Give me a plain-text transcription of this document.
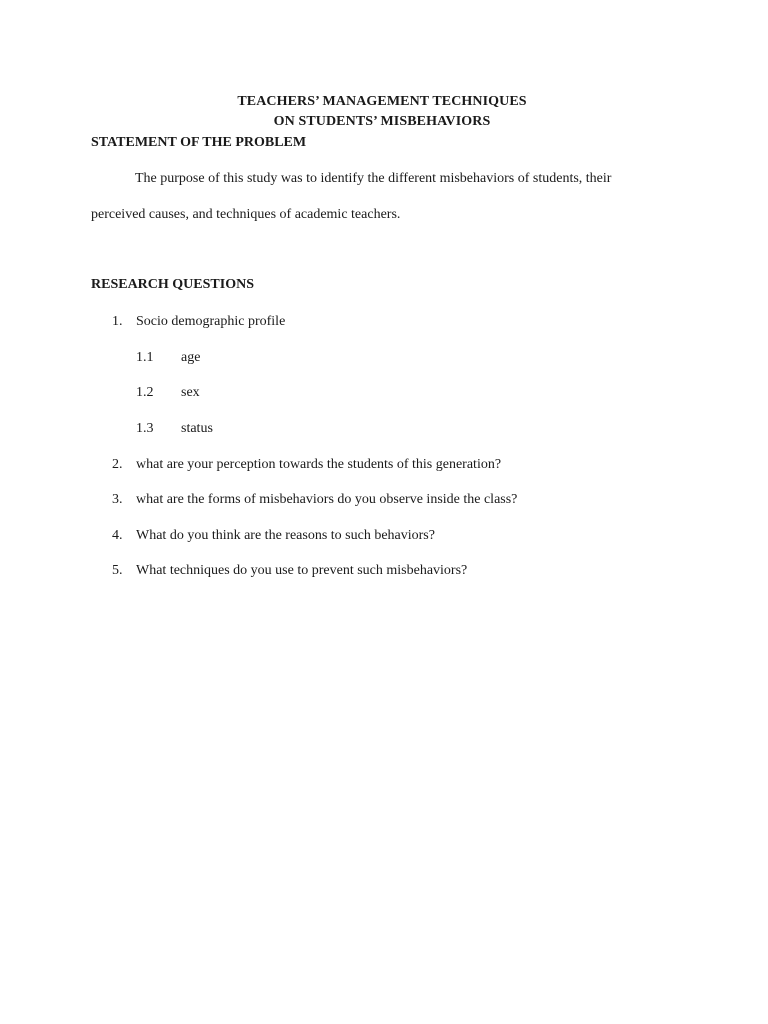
TEACHERS’ MANAGEMENT TECHNIQUES
ON STUDENTS’ MISBEHAVIORS
STATEMENT OF THE PROBLEM
The purpose of this study was to identify the different misbehaviors of students, their
perceived causes, and techniques of academic teachers.
RESEARCH QUESTIONS
1. Socio demographic profile
1.1 age
1.2 sex
1.3 status
2. what are your perception towards the students of this generation?
3. what are the forms of misbehaviors do you observe inside the class?
4. What do you think are the reasons to such behaviors?
5. What techniques do you use to prevent such misbehaviors?
